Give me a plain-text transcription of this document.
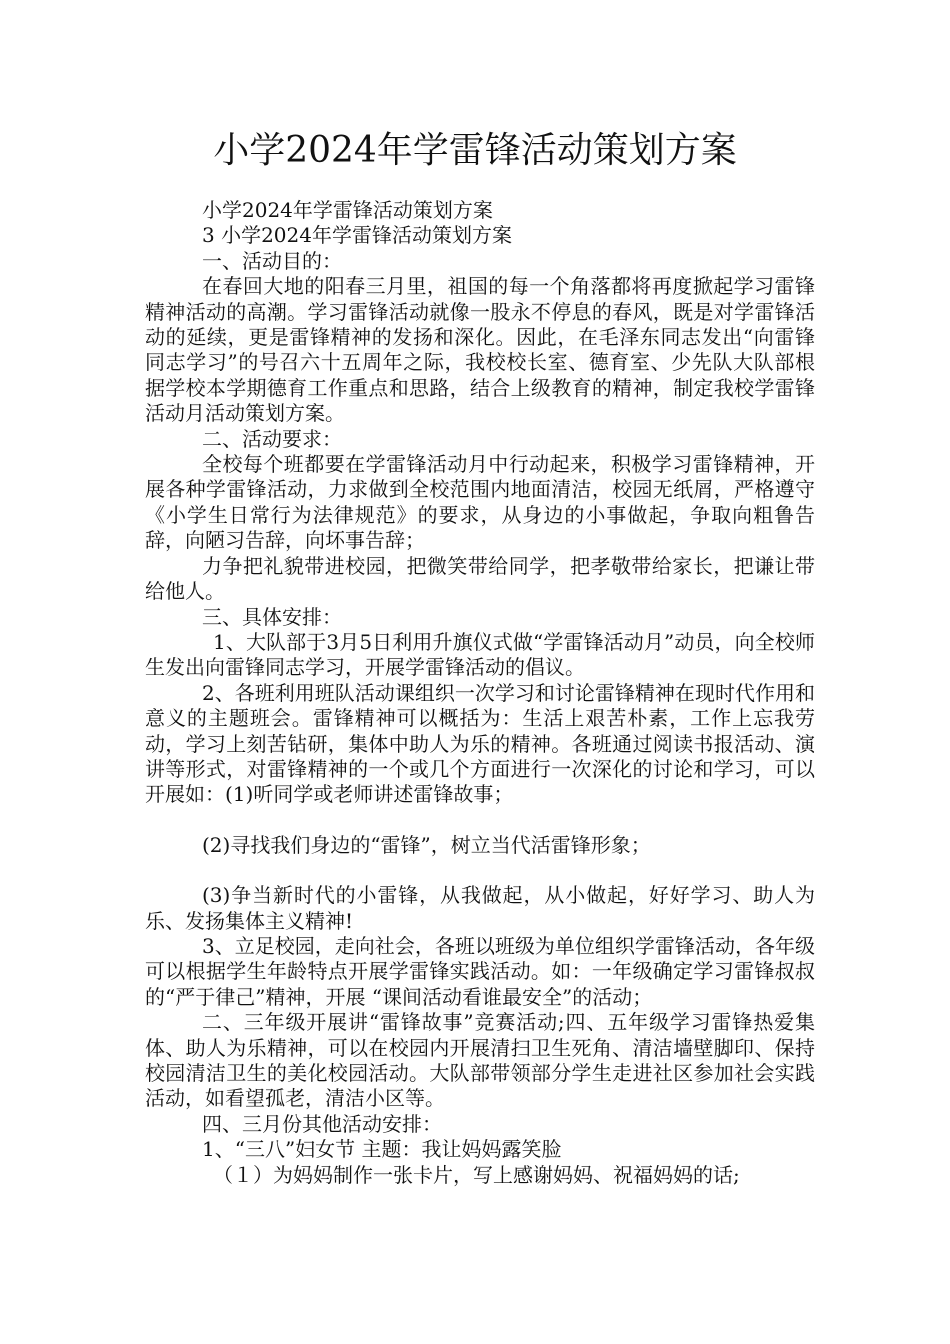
小学2024年学雷锋活动策划方案

小学2024年学雷锋活动策划方案

3 小学2024年学雷锋活动策划方案

一、活动目的：

在春回大地的阳春三月里，祖国的每一个角落都将再度掀起学习雷锋精神活动的高潮。学习雷锋活动就像一股永不停息的春风，既是对学雷锋活动的延续，更是雷锋精神的发扬和深化。因此，在毛泽东同志发出“向雷锋同志学习”的号召六十五周年之际，我校校长室、德育室、少先队大队部根据学校本学期德育工作重点和思路，结合上级教育的精神，制定我校学雷锋活动月活动策划方案。

二、活动要求：

全校每个班都要在学雷锋活动月中行动起来，积极学习雷锋精神，开展各种学雷锋活动，力求做到全校范围内地面清洁，校园无纸屑，严格遵守《小学生日常行为法律规范》的要求，从身边的小事做起，争取向粗鲁告辞，向陋习告辞，向坏事告辞；

力争把礼貌带进校园，把微笑带给同学，把孝敬带给家长，把谦让带给他人。

三、具体安排：

1、大队部于3月5日利用升旗仪式做“学雷锋活动月”动员，向全校师生发出向雷锋同志学习，开展学雷锋活动的倡议。

2、各班利用班队活动课组织一次学习和讨论雷锋精神在现时代作用和意义的主题班会。雷锋精神可以概括为：生活上艰苦朴素，工作上忘我劳动，学习上刻苦钻研，集体中助人为乐的精神。各班通过阅读书报活动、演讲等形式，对雷锋精神的一个或几个方面进行一次深化的讨论和学习，可以开展如：(1)听同学或老师讲述雷锋故事；

(2)寻找我们身边的“雷锋”，树立当代活雷锋形象；

(3)争当新时代的小雷锋，从我做起，从小做起，好好学习、助人为乐、发扬集体主义精神!

3、立足校园，走向社会，各班以班级为单位组织学雷锋活动，各年级可以根据学生年龄特点开展学雷锋实践活动。如：一年级确定学习雷锋叔叔的“严于律己”精神，开展 “课间活动看谁最安全”的活动；

二、三年级开展讲“雷锋故事”竞赛活动;四、五年级学习雷锋热爱集体、助人为乐精神，可以在校园内开展清扫卫生死角、清洁墙壁脚印、保持校园清洁卫生的美化校园活动。大队部带领部分学生走进社区参加社会实践活动，如看望孤老，清洁小区等。

四、三月份其他活动安排：

1、“三八”妇女节 主题：我让妈妈露笑脸

（１）为妈妈制作一张卡片，写上感谢妈妈、祝福妈妈的话;
